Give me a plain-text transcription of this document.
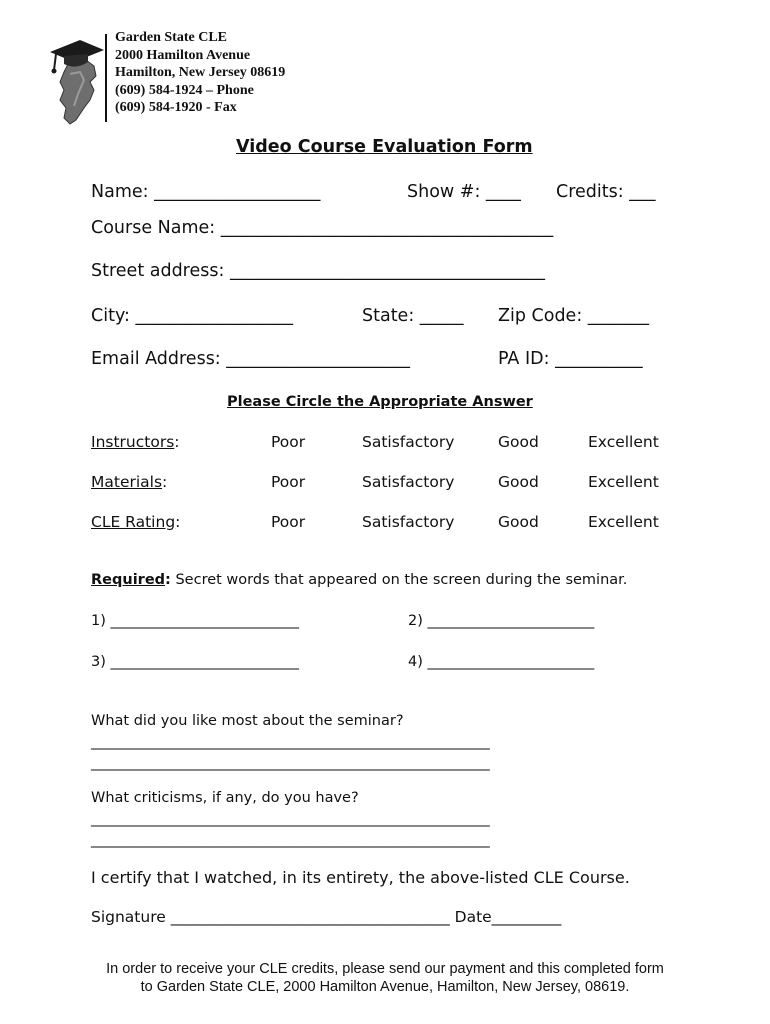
Garden State CLE
2000 Hamilton Avenue
Hamilton, New Jersey 08619
(609) 584-1924 – Phone
(609) 584-1920 - Fax
Video Course Evaluation Form
Name: ___________________	Show #: ____ Credits: ___
Course Name: ______________________________________
Street address: ____________________________________
City: __________________	State: _____ Zip Code: _______
Email Address: _____________________	PA ID: __________
Please Circle the Appropriate Answer
Instructors:	Poor	Satisfactory	Good	Excellent
Materials:	Poor	Satisfactory	Good	Excellent
CLE Rating:	Poor	Satisfactory	Good	Excellent
Required: Secret words that appeared on the screen during the seminar.
1) __________________________	2) _______________________
3) __________________________	4) _______________________
What did you like most about the seminar?
_______________________________________________________
_______________________________________________________
What criticisms, if any, do you have?
_______________________________________________________
_______________________________________________________
I certify that I watched, in its entirety, the above-listed CLE Course.
Signature ____________________________________ Date_________
In order to receive your CLE credits, please send our payment and this completed form
to Garden State CLE, 2000 Hamilton Avenue, Hamilton, New Jersey, 08619.
